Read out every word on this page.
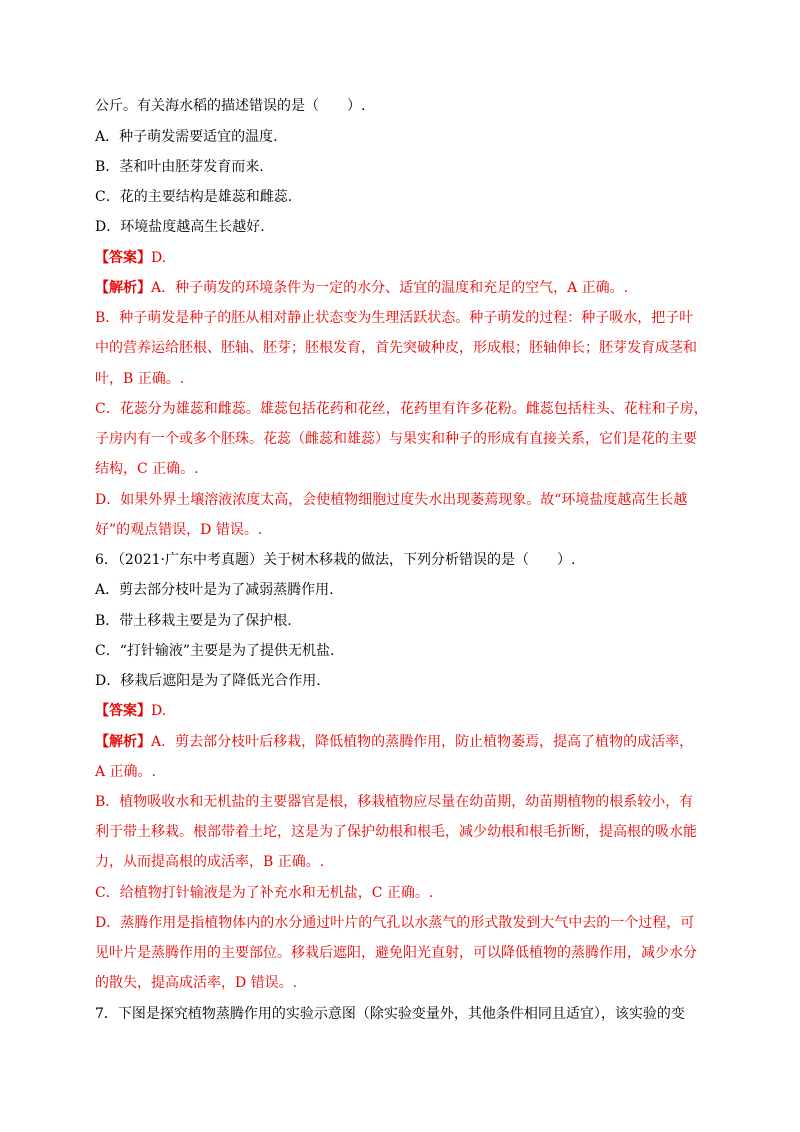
公斤。有关海水稻的描述错误的是（　　）.
A．种子萌发需要适宜的温度.
B．茎和叶由胚芽发育而来.
C．花的主要结构是雄蕊和雌蕊.
D．环境盐度越高生长越好.
【答案】D.
【解析】A．种子萌发的环境条件为一定的水分、适宜的温度和充足的空气，A 正确。.
B．种子萌发是种子的胚从相对静止状态变为生理活跃状态。种子萌发的过程：种子吸水，把子叶
中的营养运给胚根、胚轴、胚芽；胚根发育，首先突破种皮，形成根；胚轴伸长；胚芽发育成茎和
叶，B 正确。.
C．花蕊分为雄蕊和雌蕊。雄蕊包括花药和花丝，花药里有许多花粉。雌蕊包括柱头、花柱和子房，
子房内有一个或多个胚珠。花蕊（雌蕊和雄蕊）与果实和种子的形成有直接关系，它们是花的主要
结构，C 正确。.
D．如果外界土壤溶液浓度太高，会使植物细胞过度失水出现萎蔫现象。故“环境盐度越高生长越
好”的观点错误，D 错误。.
6．（2021·广东中考真题）关于树木移栽的做法，下列分析错误的是（　　）.
A．剪去部分枝叶是为了减弱蒸腾作用.
B．带土移栽主要是为了保护根.
C．“打针输液”主要是为了提供无机盐.
D．移栽后遮阳是为了降低光合作用.
【答案】D.
【解析】A．剪去部分枝叶后移栽，降低植物的蒸腾作用，防止植物萎焉，提高了植物的成活率，
A 正确。.
B．植物吸收水和无机盐的主要器官是根，移栽植物应尽量在幼苗期，幼苗期植物的根系较小，有
利于带土移栽。根部带着土坨，这是为了保护幼根和根毛，减少幼根和根毛折断，提高根的吸水能
力，从而提高根的成活率，B 正确。.
C．给植物打针输液是为了补充水和无机盐，C 正确。.
D．蒸腾作用是指植物体内的水分通过叶片的气孔以水蒸气的形式散发到大气中去的一个过程，可
见叶片是蒸腾作用的主要部位。移栽后遮阳，避免阳光直射，可以降低植物的蒸腾作用，减少水分
的散失，提高成活率，D 错误。.
7．下图是探究植物蒸腾作用的实验示意图（除实验变量外，其他条件相同且适宜），该实验的变
